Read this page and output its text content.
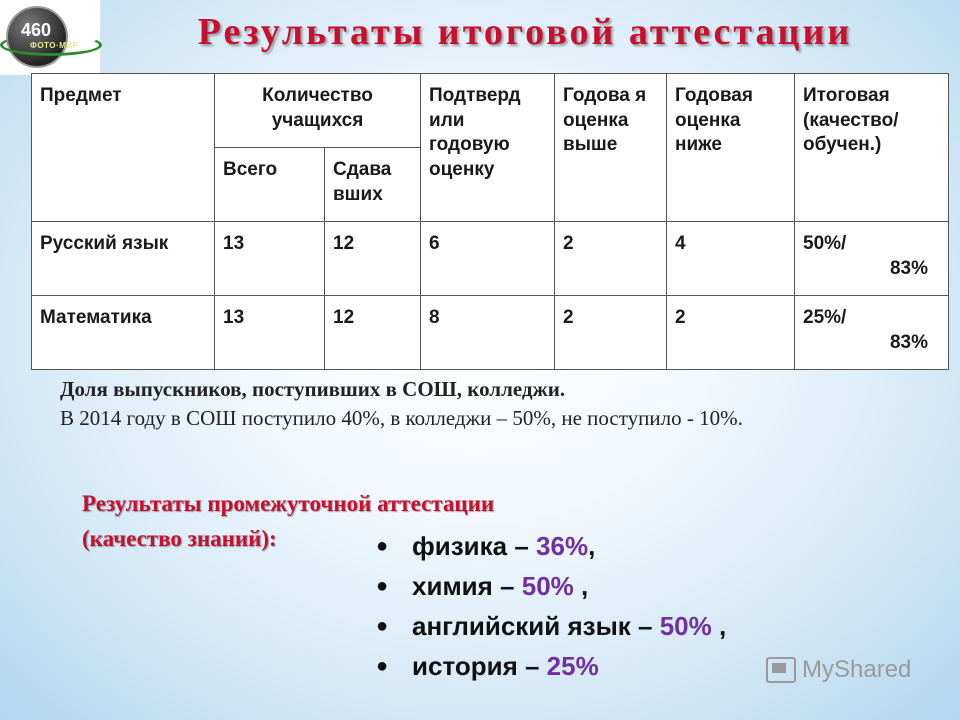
460
ФОТО·МИР	Результаты итоговой аттестации
Предмет	Количество учащихся		Подтверд или годовую оценку	Годова я оценка выше	Годовая оценка ниже	Итоговая (качество/ обучен.)
	Всего	Сдава вших				
Русский язык	13	12	6	2	4	50%/
83%

Математика	13	12	8	2	2	25%/
83%
Доля выпускников, поступивших в СОШ, колледжи.
В 2014 году в СОШ поступило 40%, в колледжи – 50%, не поступило - 10%.
Результаты промежуточной аттестации
(качество знаний):	● физика – 36%,
● химия – 50% ,
● английский язык – 50% ,
● история – 25%	MyShared
